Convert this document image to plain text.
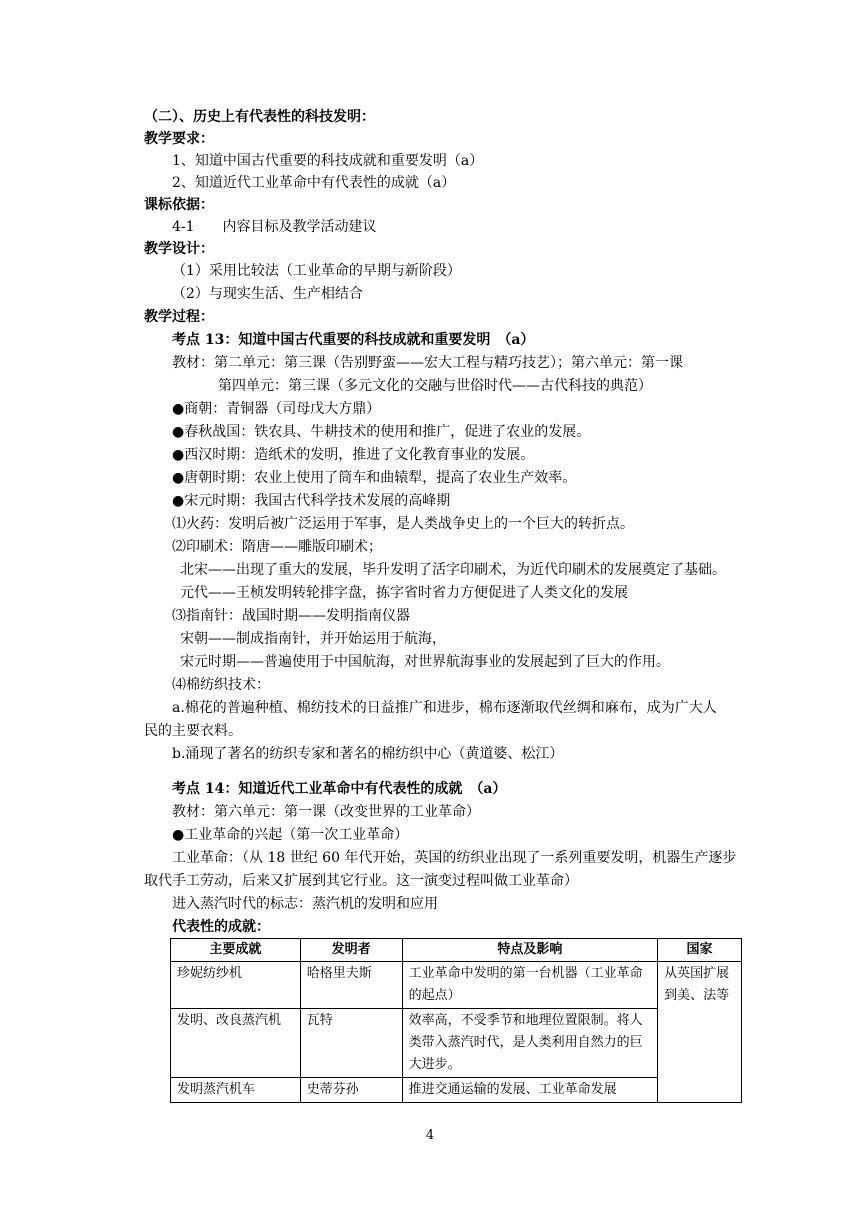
（二）、历史上有代表性的科技发明：
教学要求：
1、知道中国古代重要的科技成就和重要发明（a）
2、知道近代工业革命中有代表性的成就（a）
课标依据：
4-1　　内容目标及教学活动建议
教学设计：
（1）采用比较法（工业革命的早期与新阶段）
（2）与现实生活、生产相结合
教学过程：
考点 13：知道中国古代重要的科技成就和重要发明　（a）
教材：第二单元：第三课（告别野蛮——宏大工程与精巧技艺）；第六单元：第一课
第四单元：第三课（多元文化的交融与世俗时代——古代科技的典范）
●商朝：青铜器（司母戊大方鼎）
●春秋战国：铁农具、牛耕技术的使用和推广，促进了农业的发展。
●西汉时期：造纸术的发明，推进了文化教育事业的发展。
●唐朝时期：农业上使用了筒车和曲辕犁，提高了农业生产效率。
●宋元时期：我国古代科学技术发展的高峰期
⑴火药：发明后被广泛运用于军事，是人类战争史上的一个巨大的转折点。
⑵印刷术：隋唐——雕版印刷术；
北宋——出现了重大的发展，毕升发明了活字印刷术，为近代印刷术的发展奠定了基础。
元代——王桢发明转轮排字盘，拣字省时省力方便促进了人类文化的发展
⑶指南针：战国时期——发明指南仪器
宋朝——制成指南针，并开始运用于航海，
宋元时期——普遍使用于中国航海，对世界航海事业的发展起到了巨大的作用。
⑷棉纺织技术：
a.棉花的普遍种植、棉纺技术的日益推广和进步，棉布逐渐取代丝绸和麻布，成为广大人
民的主要衣料。
b.涌现了著名的纺织专家和著名的棉纺织中心（黄道婆、松江）
考点 14：知道近代工业革命中有代表性的成就　（a）
教材：第六单元：第一课（改变世界的工业革命）
●工业革命的兴起（第一次工业革命）
工业革命：（从 18 世纪 60 年代开始，英国的纺织业出现了一系列重要发明，机器生产逐步
取代手工劳动，后来又扩展到其它行业。这一演变过程叫做工业革命）
进入蒸汽时代的标志：蒸汽机的发明和应用
代表性的成就：
主要成就	发明者	特点及影响	国家
珍妮纺纱机	哈格里夫斯	工业革命中发明的第一台机器（工业革命的起点）	从英国扩展到美、法等
发明、改良蒸汽机	瓦特	效率高，不受季节和地理位置限制。将人类带入蒸汽时代，是人类利用自然力的巨大进步。	
发明蒸汽机车	史蒂芬孙	推进交通运输的发展、工业革命发展	
4
